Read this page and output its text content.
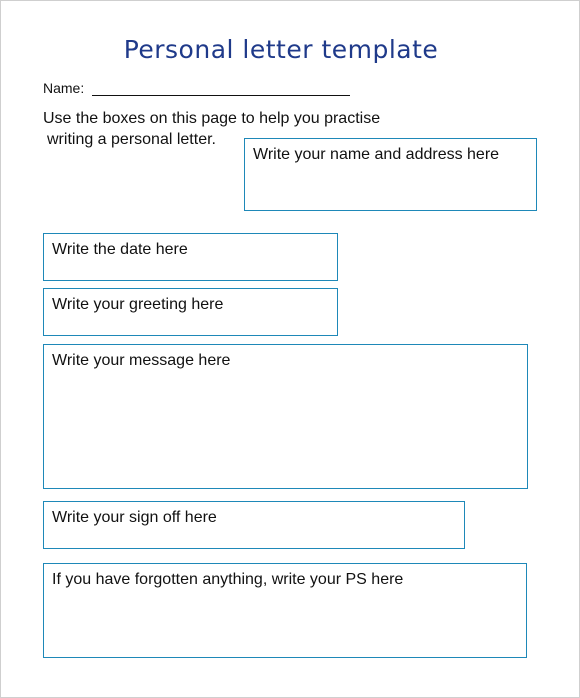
Personal letter template
Name:
Use the boxes on this page to help you practise
writing a personal letter.
Write your name and address here
Write the date here
Write your greeting here
Write your message here
Write your sign off here
If you have forgotten anything, write your PS here
